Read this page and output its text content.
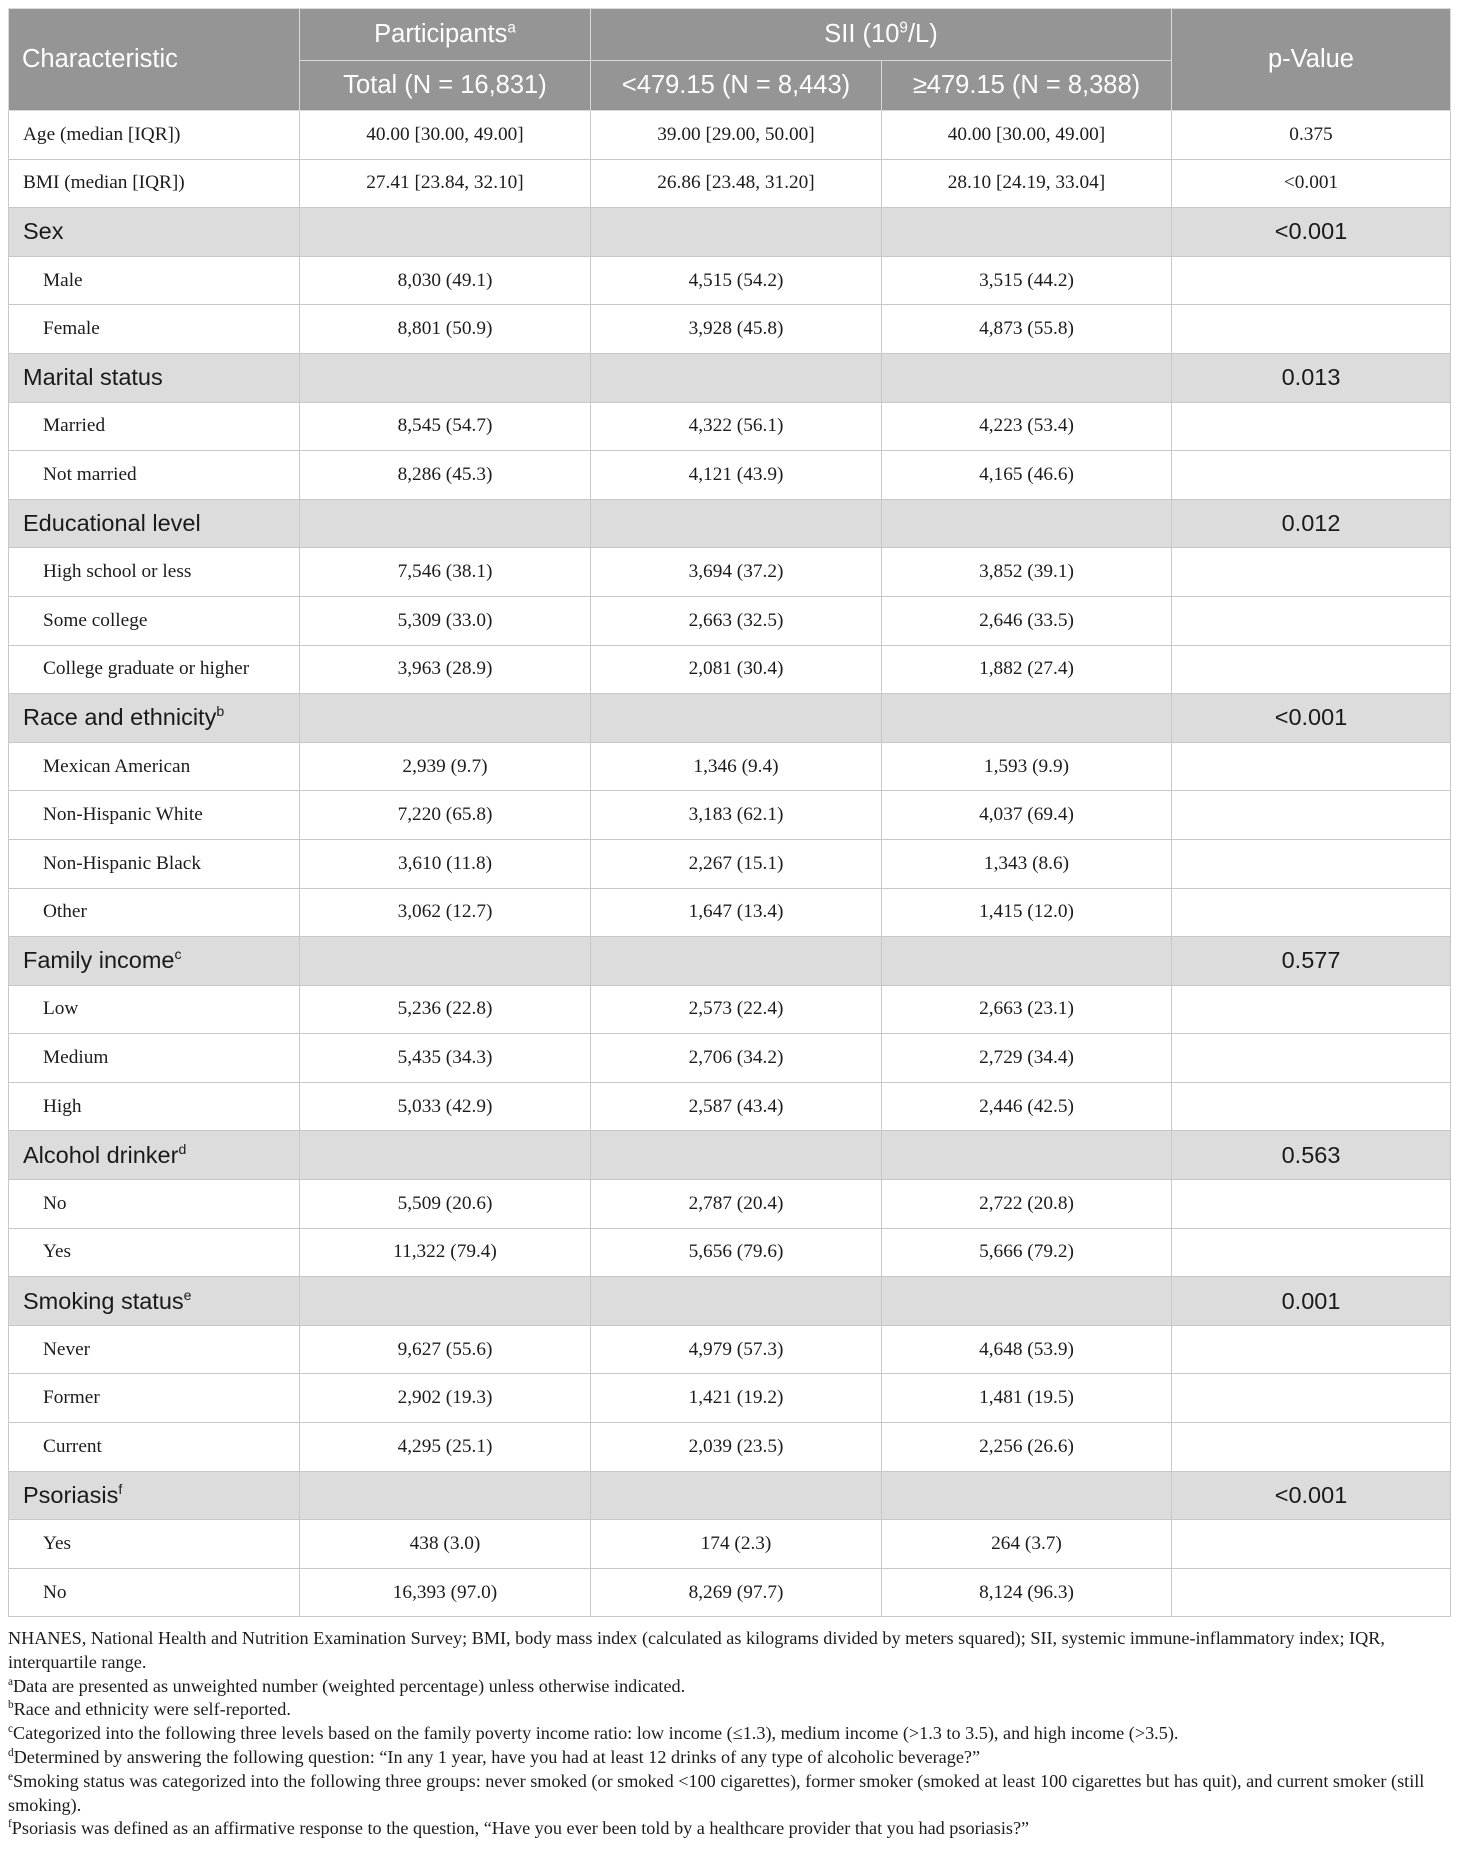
Characteristic	Participants$^a$	SII $(10^9/L)$		p-Value
	Total (N = 16,831)	<479.15 (N = 8,443)	≥479.15 (N = 8,388)	
Age (median [IQR])	40.00 [30.00, 49.00]	39.00 [29.00, 50.00]	40.00 [30.00, 49.00]	0.375
BMI (median [IQR])	27.41 [23.84, 32.10]	26.86 [23.48, 31.20]	28.10 [24.19, 33.04]	<0.001
Sex				<0.001
Male	8,030 (49.1)	4,515 (54.2)	3,515 (44.2)	
Female	8,801 (50.9)	3,928 (45.8)	4,873 (55.8)	
Marital status				0.013
Married	8,545 (54.7)	4,322 (56.1)	4,223 (53.4)	
Not married	8,286 (45.3)	4,121 (43.9)	4,165 (46.6)	
Educational level				0.012
High school or less	7,546 (38.1)	3,694 (37.2)	3,852 (39.1)	
Some college	5,309 (33.0)	2,663 (32.5)	2,646 (33.5)	
College graduate or higher	3,963 (28.9)	2,081 (30.4)	1,882 (27.4)	
Race and ethnicity$^b$				<0.001
Mexican American	2,939 (9.7)	1,346 (9.4)	1,593 (9.9)	
Non-Hispanic White	7,220 (65.8)	3,183 (62.1)	4,037 (69.4)	
Non-Hispanic Black	3,610 (11.8)	2,267 (15.1)	1,343 (8.6)	
Other	3,062 (12.7)	1,647 (13.4)	1,415 (12.0)	
Family income$^c$				0.577
Low	5,236 (22.8)	2,573 (22.4)	2,663 (23.1)	
Medium	5,435 (34.3)	2,706 (34.2)	2,729 (34.4)	
High	5,033 (42.9)	2,587 (43.4)	2,446 (42.5)	
Alcohol drinker$^d$				0.563
No	5,509 (20.6)	2,787 (20.4)	2,722 (20.8)	
Yes	11,322 (79.4)	5,656 (79.6)	5,666 (79.2)	
Smoking status$^e$				0.001
Never	9,627 (55.6)	4,979 (57.3)	4,648 (53.9)	
Former	2,902 (19.3)	1,421 (19.2)	1,481 (19.5)	
Current	4,295 (25.1)	2,039 (23.5)	2,256 (26.6)	
Psoriasis$^f$				<0.001
Yes	438 (3.0)	174 (2.3)	264 (3.7)	
No	16,393 (97.0)	8,269 (97.7)	8,124 (96.3)	

NHANES, National Health and Nutrition Examination Survey; BMI, body mass index (calculated as kilograms divided by meters squared); SII, systemic immune-inflammatory index; IQR, interquartile range.

$^a$Data are presented as unweighted number (weighted percentage) unless otherwise indicated.

$^b$Race and ethnicity were self-reported.

$^c$Categorized into the following three levels based on the family poverty income ratio: low income (≤1.3), medium income (>1.3 to 3.5), and high income (>3.5).

$^d$Determined by answering the following question: “In any 1 year, have you had at least 12 drinks of any type of alcoholic beverage?”

$^e$Smoking status was categorized into the following three groups: never smoked (or smoked <100 cigarettes), former smoker (smoked at least 100 cigarettes but has quit), and current smoker (still smoking).

$^f$Psoriasis was defined as an affirmative response to the question, “Have you ever been told by a healthcare provider that you had psoriasis?”
